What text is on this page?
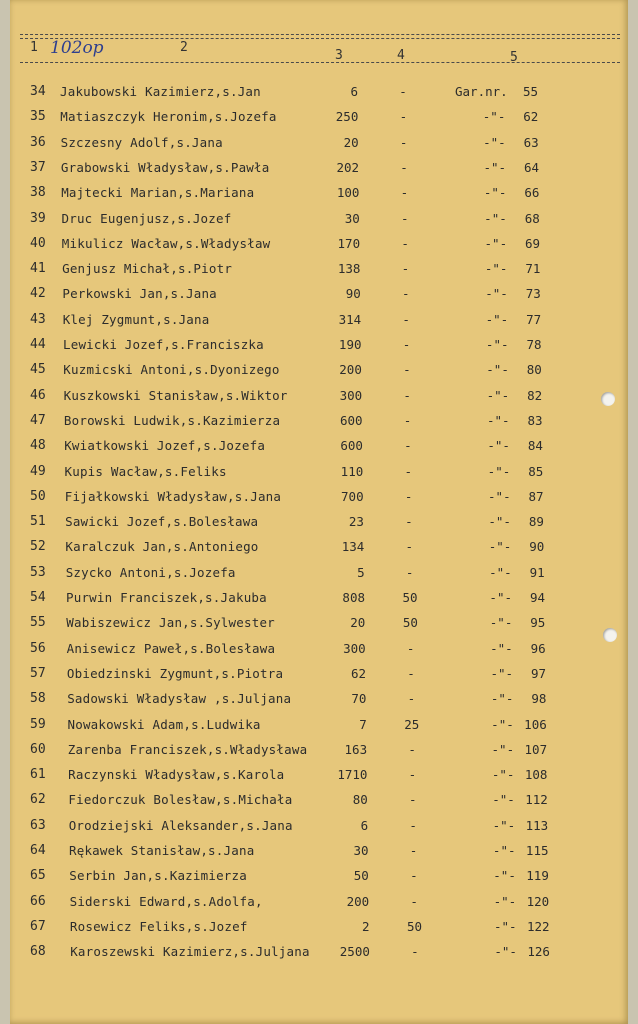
1 102op	2
3	4	5
34 Jakubowski Kazimierz,s.Jan	6	-	Gar.nr.	55
35 Matiaszczyk Heronim,s.Jozefa	250	-	-"-	62
36 Szczesny Adolf,s.Jana	20	-	-"-	63
37 Grabowski Władysław,s.Pawła	202	-	-"-	64
38 Majtecki Marian,s.Mariana	100	-	-"-	66
39 Druc Eugenjusz,s.Jozef	30	-	-"-	68
40 Mikulicz Wacław,s.Władysław	170	-	-"-	69
41 Genjusz Michał,s.Piotr	138	-	-"-	71
42 Perkowski Jan,s.Jana	90	-	-"-	73
43 Klej Zygmunt,s.Jana	314	-	-"-	77
44 Lewicki Jozef,s.Franciszka	190	-	-"-	78
45 Kuzmicski Antoni,s.Dyonizego	200	-	-"-	80
46 Kuszkowski Stanisław,s.Wiktor	300	-	-"-	82
47 Borowski Ludwik,s.Kazimierza	600	-	-"-	83
48 Kwiatkowski Jozef,s.Jozefa	600	-	-"-	84
49 Kupis Wacław,s.Feliks	110	-	-"-	85
50 Fijałkowski Władysław,s.Jana	700	-	-"-	87
51 Sawicki Jozef,s.Bolesława	23	-	-"-	89
52 Karalczuk Jan,s.Antoniego	134	-	-"-	90
53 Szycko Antoni,s.Jozefa	5	-	-"-	91
54 Purwin Franciszek,s.Jakuba	808	50	-"-	94
55 Wabiszewicz Jan,s.Sylwester	20	50	-"-	95
56 Anisewicz Paweł,s.Bolesława	300	-	-"-	96
57 Obiedzinski Zygmunt,s.Piotra	62	-	-"-	97
58 Sadowski Władysław ,s.Juljana	70	-	-"-	98
59 Nowakowski Adam,s.Ludwika	7	25	-"- 106
60 Zarenba Franciszek,s.Władysława	163	-	-"- 107
61 Raczynski Władysław,s.Karola	1710	-	-"- 108
62 Fiedorczuk Bolesław,s.Michała	80	-	-"- 112
63 Orodziejski Aleksander,s.Jana	6	-	-"- 113
64 Rękawek Stanisław,s.Jana	30	-	-"- 115
65 Serbin Jan,s.Kazimierza	50	-	-"- 119
66 Siderski Edward,s.Adolfa,	200	-	-"- 120
67 Rosewicz Feliks,s.Jozef	2	50	-"- 122
68 Karoszewski Kazimierz,s.Juljana	2500	-	-"- 126
